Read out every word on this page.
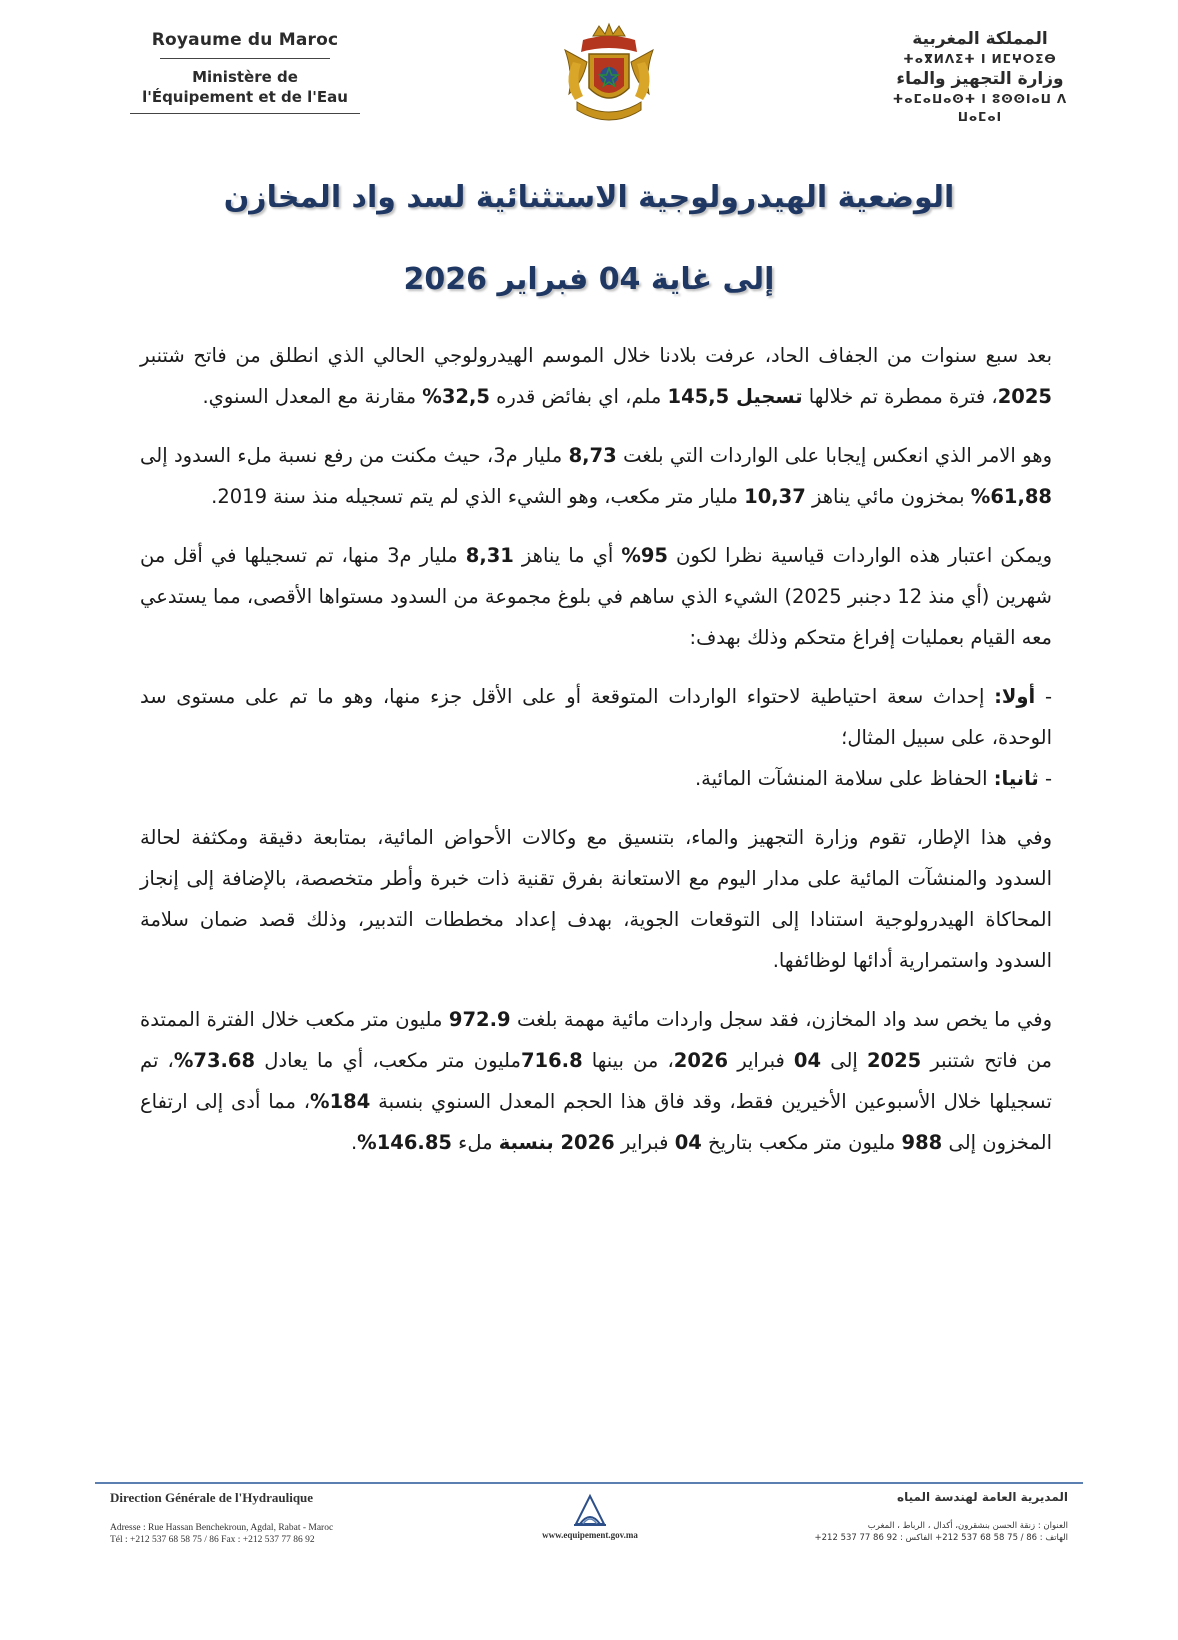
Royaume du Maroc
Ministère de
l'Équipement et de l'Eau
المملكة المغربية
ⵜⴰⴳⵍⴷⵉⵜ ⵏ ⵍⵎⵖⵔⵉⴱ
وزارة التجهيز والماء
ⵜⴰⵎⴰⵡⴰⵙⵜ ⵏ ⵓⵙⵙⵏⴰⵡ ⴷ ⵡⴰⵎⴰⵏ
الوضعية الهيدرولوجية الاستثنائية لسد واد المخازن
إلى غاية 04 فبراير 2026

بعد سبع سنوات من الجفاف الحاد، عرفت بلادنا خلال الموسم الهيدرولوجي الحالي الذي انطلق من فاتح شتنبر 2025، فترة ممطرة تم خلالها تسجيل 145,5 ملم، اي بفائض قدره 32,5% مقارنة مع المعدل السنوي.

وهو الامر الذي انعكس إيجابا على الواردات التي بلغت 8,73 مليار م3، حيث مكنت من رفع نسبة ملء السدود إلى 61,88% بمخزون مائي يناهز 10,37 مليار متر مكعب، وهو الشيء الذي لم يتم تسجيله منذ سنة 2019.

ويمكن اعتبار هذه الواردات قياسية نظرا لكون 95% أي ما يناهز 8,31 مليار م3 منها، تم تسجيلها في أقل من شهرين (أي منذ 12 دجنبر 2025) الشيء الذي ساهم في بلوغ مجموعة من السدود مستواها الأقصى، مما يستدعي معه القيام بعمليات إفراغ متحكم وذلك بهدف:

- أولا: إحداث سعة احتياطية لاحتواء الواردات المتوقعة أو على الأقل جزء منها، وهو ما تم على مستوى سد الوحدة، على سبيل المثال؛
- ثانيا: الحفاظ على سلامة المنشآت المائية.

وفي هذا الإطار، تقوم وزارة التجهيز والماء، بتنسيق مع وكالات الأحواض المائية، بمتابعة دقيقة ومكثفة لحالة السدود والمنشآت المائية على مدار اليوم مع الاستعانة بفرق تقنية ذات خبرة وأطر متخصصة، بالإضافة إلى إنجاز المحاكاة الهيدرولوجية استنادا إلى التوقعات الجوية، بهدف إعداد مخططات التدبير، وذلك قصد ضمان سلامة السدود واستمرارية أدائها لوظائفها.

وفي ما يخص سد واد المخازن، فقد سجل واردات مائية مهمة بلغت 972.9 مليون متر مكعب خلال الفترة الممتدة من فاتح شتنبر 2025 إلى 04 فبراير 2026، من بينها 716.8مليون متر مكعب، أي ما يعادل 73.68%، تم تسجيلها خلال الأسبوعين الأخيرين فقط، وقد فاق هذا الحجم المعدل السنوي بنسبة 184%، مما أدى إلى ارتفاع المخزون إلى 988 مليون متر مكعب بتاريخ 04 فبراير 2026 بنسبة ملء 146.85%.

Direction Générale de l'Hydraulique
Adresse : Rue Hassan Benchekroun, Agdal, Rabat - Maroc
Tél : +212 537 68 58 75 / 86 Fax : +212 537 77 86 92	www.equipement.gov.ma
المديرية العامة لهندسة المياه
العنوان : زنقة الحسن بنشقرون، أكدال ، الرباط ، المغرب
الهاتف : 86 / 75 58 68 537 212+ الفاكس : 92 86 77 537 212+
